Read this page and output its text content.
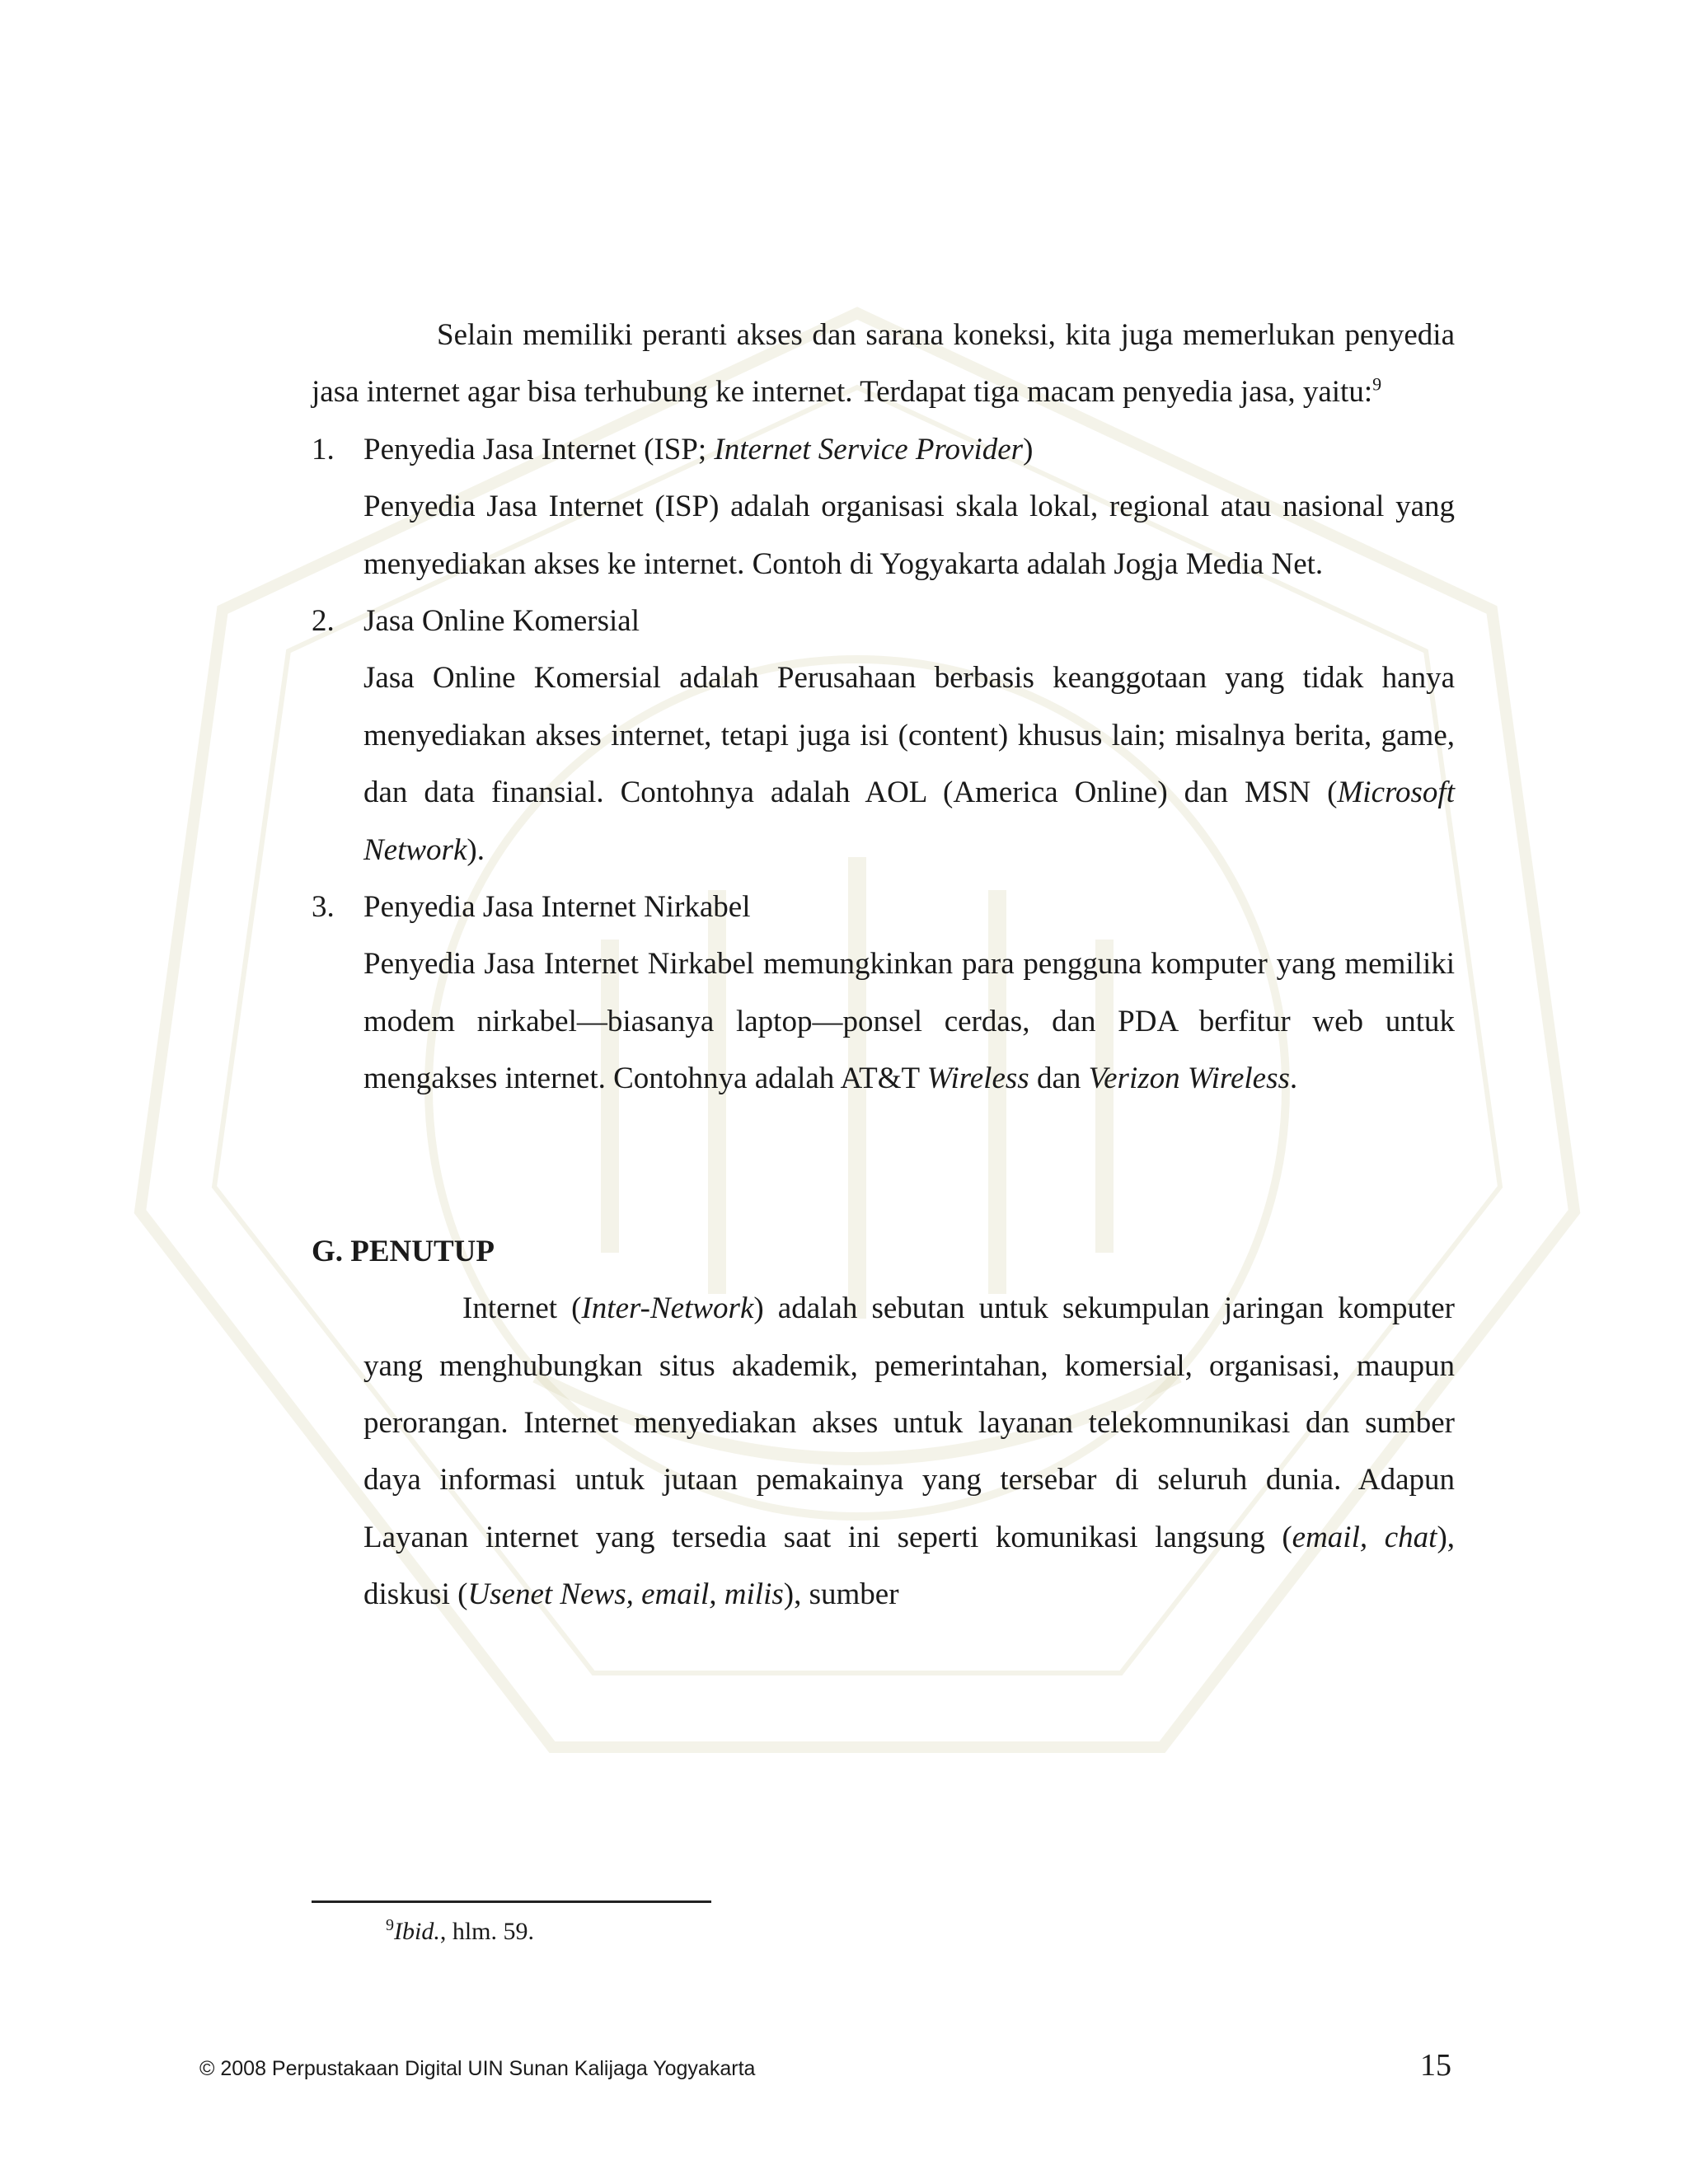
Selain memiliki peranti akses dan sarana koneksi, kita juga memerlukan penyedia jasa internet agar bisa terhubung ke internet. Terdapat tiga macam penyedia jasa, yaitu:$^9$

1. Penyedia Jasa Internet (ISP; Internet Service Provider)
Penyedia Jasa Internet (ISP) adalah organisasi skala lokal, regional atau nasional yang menyediakan akses ke internet. Contoh di Yogyakarta adalah Jogja Media Net.
2. Jasa Online Komersial
Jasa Online Komersial adalah Perusahaan berbasis keanggotaan yang tidak hanya menyediakan akses internet, tetapi juga isi (content) khusus lain; misalnya berita, game, dan data finansial. Contohnya adalah AOL (America Online) dan MSN (Microsoft Network).
3. Penyedia Jasa Internet Nirkabel
Penyedia Jasa Internet Nirkabel memungkinkan para pengguna komputer yang memiliki modem nirkabel—biasanya laptop—ponsel cerdas, dan PDA berfitur web untuk mengakses internet. Contohnya adalah AT&T Wireless dan Verizon Wireless.
G. PENUTUP

Internet (Inter-Network) adalah sebutan untuk sekumpulan jaringan komputer yang menghubungkan situs akademik, pemerintahan, komersial, organisasi, maupun perorangan. Internet menyediakan akses untuk layanan telekomnunikasi dan sumber daya informasi untuk jutaan pemakainya yang tersebar di seluruh dunia. Adapun Layanan internet yang tersedia saat ini seperti komunikasi langsung (email, chat), diskusi (Usenet News, email, milis), sumber

$^9$Ibid., hlm. 59.
© 2008 Perpustakaan Digital UIN Sunan Kalijaga Yogyakarta	15
